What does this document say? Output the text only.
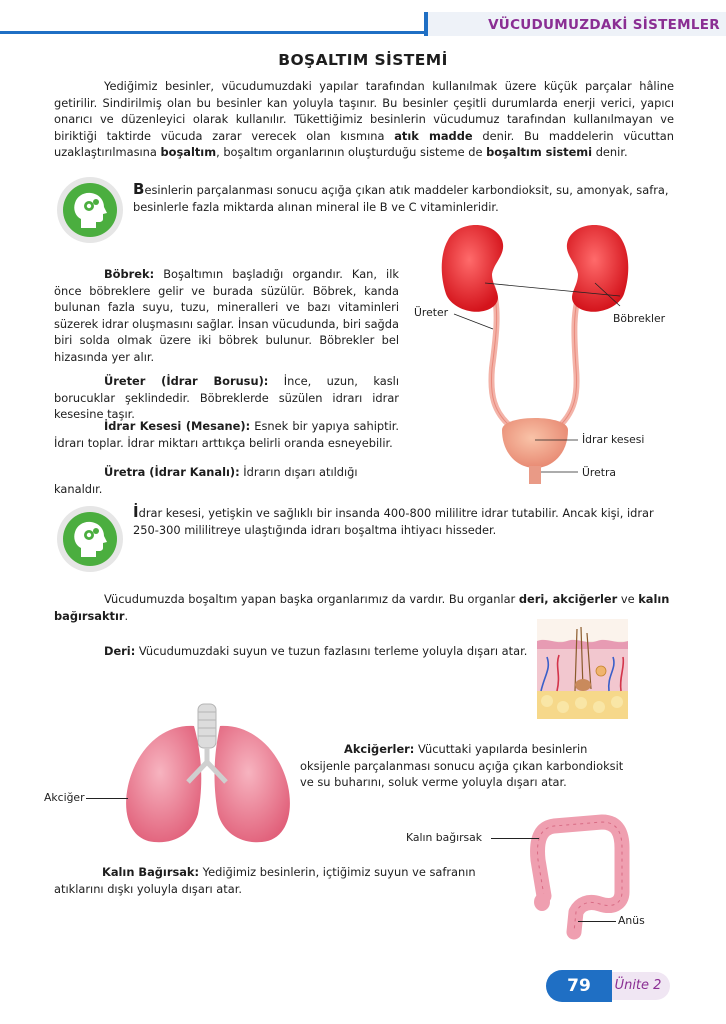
VÜCUDUMUZDAKİ SİSTEMLER
BOŞALTIM SİSTEMİ

Yediğimiz besinler, vücudumuzdaki yapılar tarafından kullanılmak üzere küçük parçalar hâline getirilir. Sindirilmiş olan bu besinler kan yoluyla taşınır. Bu besinler çeşitli durumlarda enerji verici, yapıcı onarıcı ve düzenleyici olarak kullanılır. Tükettiğimiz besinlerin vücudumuz tarafından kullanılmayan ve biriktiği taktirde vücuda zarar verecek olan kısmına atık madde denir. Bu maddelerin vücuttan uzaklaştırılmasına boşaltım, boşaltım organlarının oluşturduğu sisteme de boşaltım sistemi denir.

Besinlerin parçalanması sonucu açığa çıkan atık maddeler karbondioksit, su, amonyak, safra, besinlerle fazla miktarda alınan mineral ile B ve C vitaminleridir.

Böbrek: Boşaltımın başladığı organdır. Kan, ilk önce böbreklere gelir ve burada süzülür. Böbrek, kanda bulunan fazla suyu, tuzu, mineralleri ve bazı vitaminleri süzerek idrar oluşmasını sağlar. İnsan vücudunda, biri sağda biri solda olmak üzere iki böbrek bulunur. Böbrekler bel hizasında yer alır.

Üreter (İdrar Borusu): İnce, uzun, kaslı borucuklar şeklindedir. Böbreklerde süzülen idrarı idrar kesesine taşır.

İdrar Kesesi (Mesane): Esnek bir yapıya sahiptir. İdrarı toplar. İdrar miktarı arttıkça belirli oranda esneyebilir.

Üretra (İdrar Kanalı): İdrarın dışarı atıldığı kanaldır.

Üreter	Böbrekler
İdrar kesesi
Üretra

İdrar kesesi, yetişkin ve sağlıklı bir insanda 400-800 mililitre idrar tutabilir. Ancak kişi, idrar 250-300 mililitreye ulaştığında idrarı boşaltma ihtiyacı hisseder.

Vücudumuzda boşaltım yapan başka organlarımız da vardır. Bu organlar deri, akciğerler ve kalın bağırsaktır.

Deri: Vücudumuzdaki suyun ve tuzun fazlasını terleme yoluyla dışarı atar.

Akciğer

Akciğerler: Vücuttaki yapılarda besinlerin oksijenle parçalanması sonucu açığa çıkan karbondioksit ve su buharını, soluk verme yoluyla dışarı atar.

Kalın bağırsak
Anüs

Kalın Bağırsak: Yediğimiz besinlerin, içtiğimiz suyun ve safranın atıklarını dışkı yoluyla dışarı atar.

79	Ünite 2
